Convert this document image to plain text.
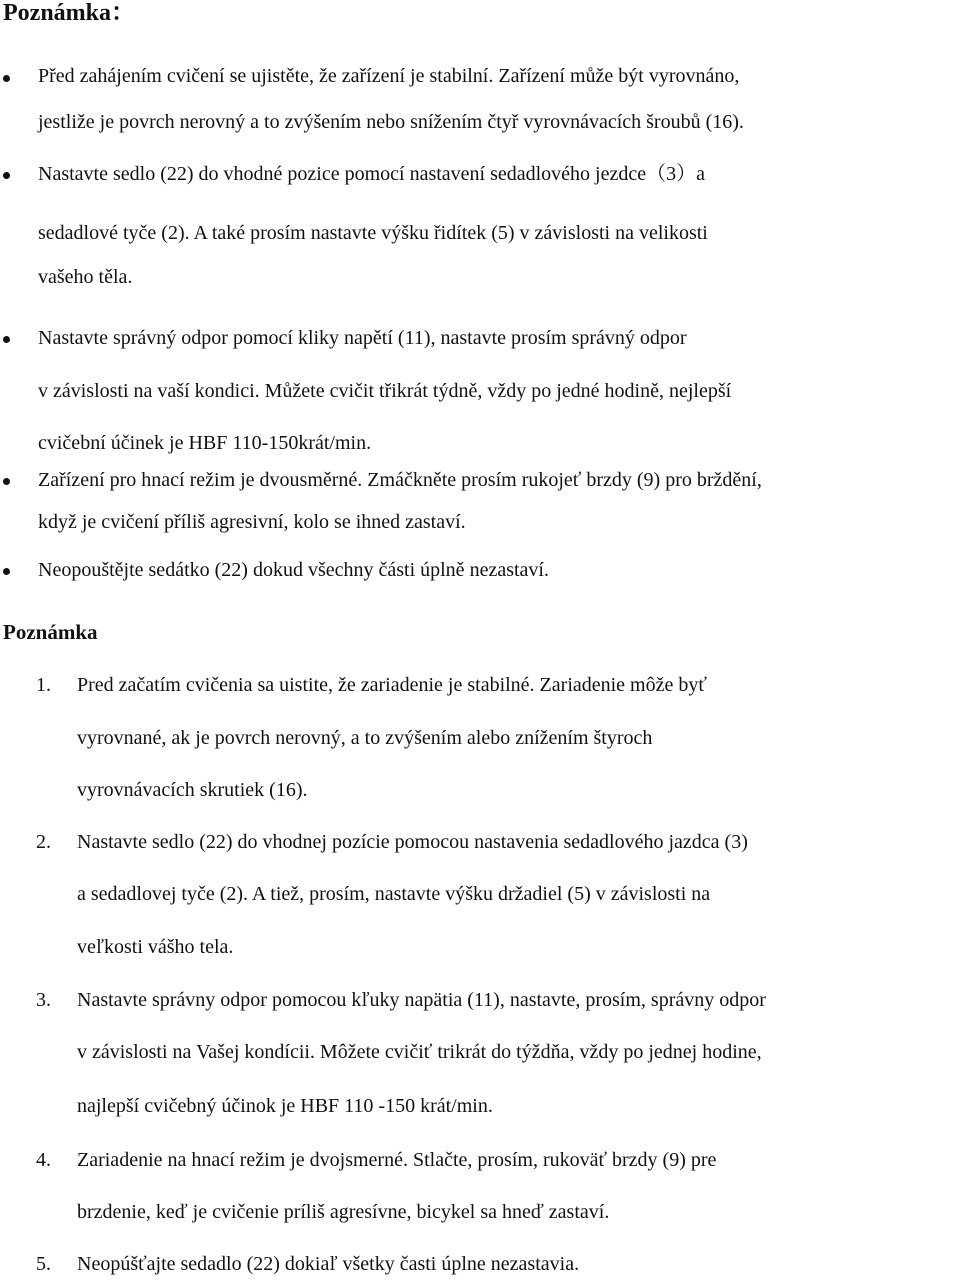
Poznámka：

Před zahájením cvičení se ujistěte, že zařízení je stabilní. Zařízení může být vyrovnáno,

jestliže je povrch nerovný a to zvýšením nebo snížením čtyř vyrovnávacích šroubů (16).

Nastavte sedlo (22) do vhodné pozice pomocí nastavení sedadlového jezdce（3）a

sedadlové tyče (2). A také prosím nastavte výšku řidítek (5) v závislosti na velikosti

vašeho těla.

Nastavte správný odpor pomocí kliky napětí (11), nastavte prosím správný odpor

v závislosti na vaší kondici. Můžete cvičit třikrát týdně, vždy po jedné hodině, nejlepší

cvičební účinek je HBF 110-150krát/min.

Zařízení pro hnací režim je dvousměrné. Zmáčkněte prosím rukojeť brzdy (9) pro brždění,

když je cvičení příliš agresivní, kolo se ihned zastaví.

Neopouštějte sedátko (22) dokud všechny části úplně nezastaví.

Poznámka
1. Pred začatím cvičenia sa uistite, že zariadenie je stabilné. Zariadenie môže byť

vyrovnané, ak je povrch nerovný, a to zvýšením alebo znížením štyroch

vyrovnávacích skrutiek (16).

2. Nastavte sedlo (22) do vhodnej pozície pomocou nastavenia sedadlového jazdca (3)

a sedadlovej tyče (2). A tiež, prosím, nastavte výšku držadiel (5) v závislosti na

veľkosti vášho tela.

3. Nastavte správny odpor pomocou kľuky napätia (11), nastavte, prosím, správny odpor

v závislosti na Vašej kondícii. Môžete cvičiť trikrát do týždňa, vždy po jednej hodine,

najlepší cvičebný účinok je HBF 110 -150 krát/min.

4. Zariadenie na hnací režim je dvojsmerné. Stlačte, prosím, rukoväť brzdy (9) pre

brzdenie, keď je cvičenie príliš agresívne, bicykel sa hneď zastaví.

5. Neopúšťajte sedadlo (22) dokiaľ všetky časti úplne nezastavia.
